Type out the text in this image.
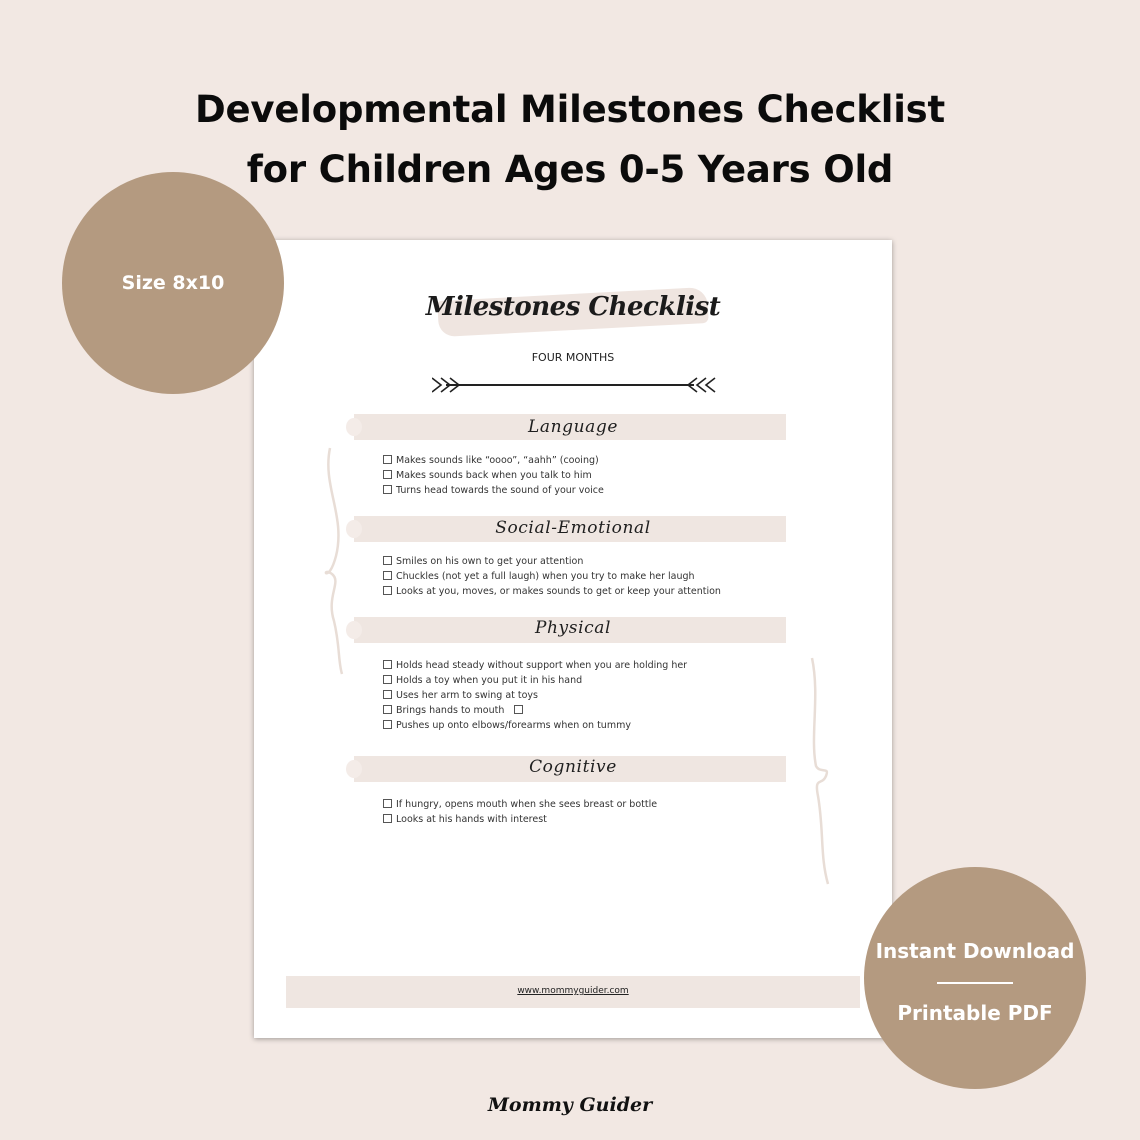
Developmental Milestones Checklist
for Children Ages 0-5 Years Old
Milestones Checklist
FOUR MONTHS
Language
Makes sounds like “oooo”, “aahh” (cooing)
Makes sounds back when you talk to him
Turns head towards the sound of your voice
Social-Emotional
Smiles on his own to get your attention
Chuckles (not yet a full laugh) when you try to make her laugh
Looks at you, moves, or makes sounds to get or keep your attention
Physical
Holds head steady without support when you are holding her
Holds a toy when you put it in his hand
Uses her arm to swing at toys
Brings hands to mouth
Pushes up onto elbows/forearms when on tummy
Cognitive
If hungry, opens mouth when she sees breast or bottle
Looks at his hands with interest
www.mommyguider.com
Size 8x10
Instant Download
Printable PDF
Mommy Guider
